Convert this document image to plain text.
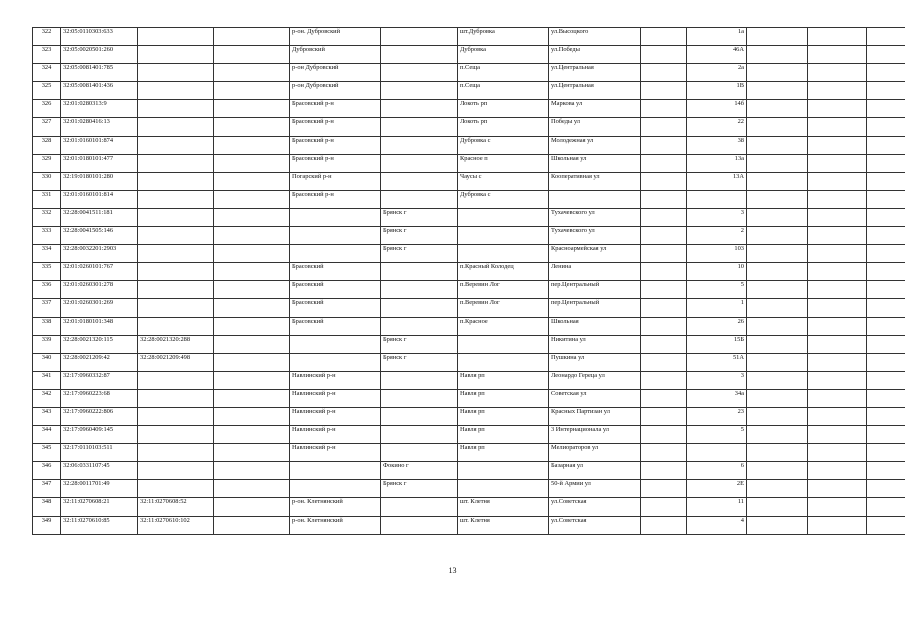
322	32:05:0110303:633			р-он. Дубровский		шт.Дубровка	ул.Высоцкого		1а			
323	32:05:0020501:260			Дубровский		Дубровка	ул.Победы		46А			
324	32:05:0081401:785			р-он Дубровский		п.Сеща	ул.Центральная		2а			
325	32:05:0081401:436			р-он Дубровский		п.Сеща	ул.Центральная		1В			
326	32:01:0280313:9			Брасовский р-н		Локоть рп	Маркова ул		14б			
327	32:01:0280416:13			Брасовский р-н		Локоть рп	Победы ул		22			
328	32:01:0160101:874			Брасовский р-н		Дубровка с	Молодежная ул		38			
329	32:01:0180101:477			Брасовский р-н		Красное п	Школьная ул		13а			
330	32:19:0180101:280			Погарский р-н		Чаусы с	Кооперативная ул		13А			
331	32:01:0160101:814			Брасовский р-н		Дубровка с						
332	32:28:0041511:181				Брянск г		Тухачевского ул		3			
333	32:28:0041505:146				Брянск г		Тухачевского ул		2			
334	32:28:0032201:2903				Брянск г		Красноармейская ул		103			
335	32:01:0260101:767			Брасовский		п.Красный Колодец	Ленина		10			
336	32:01:0260301:278			Брасовский		п.Веревин Лог	пер.Центральный		5			
337	32:01:0260301:269			Брасовский		п.Веревин Лог	пер.Центральный		1			
338	32:01:0180101:348			Брасовский		п.Красное	Школьная		26			
339	32:28:0021320:115	32:28:0021320:288			Брянск г		Никитина ул		15Б			
340	32:28:0021209:42	32:28:0021209:498			Брянск г		Пушкина ул		51А			
341	32:17:0960332:87			Навлинский р-н		Навля рп	Леонардо Гереца ул		3			
342	32:17:0960223:68			Навлинский р-н		Навля рп	Советская ул		34а			
343	32:17:0960222:806			Навлинский р-н		Навля рп	Красных Партизан ул		23			
344	32:17:0960409:145			Навлинский р-н		Навля рп	3 Интернационала ул		5			
345	32:17:0110103:511			Навлинский р-н		Навля рп	Мелиораторов ул					
346	32:06:0331107:45				Фокино г		Базарная ул		6			
347	32:28:0011701:49				Брянск г		50-й Армии ул		2Е			
348	32:11:0270608:21	32:11:0270608:52		р-он. Клетнянский		шт. Клетня	ул.Советская		11			
349	32:11:0270610:85	32:11:0270610:102		р-он. Клетнянский		шт. Клетня	ул.Советская		4			
13
